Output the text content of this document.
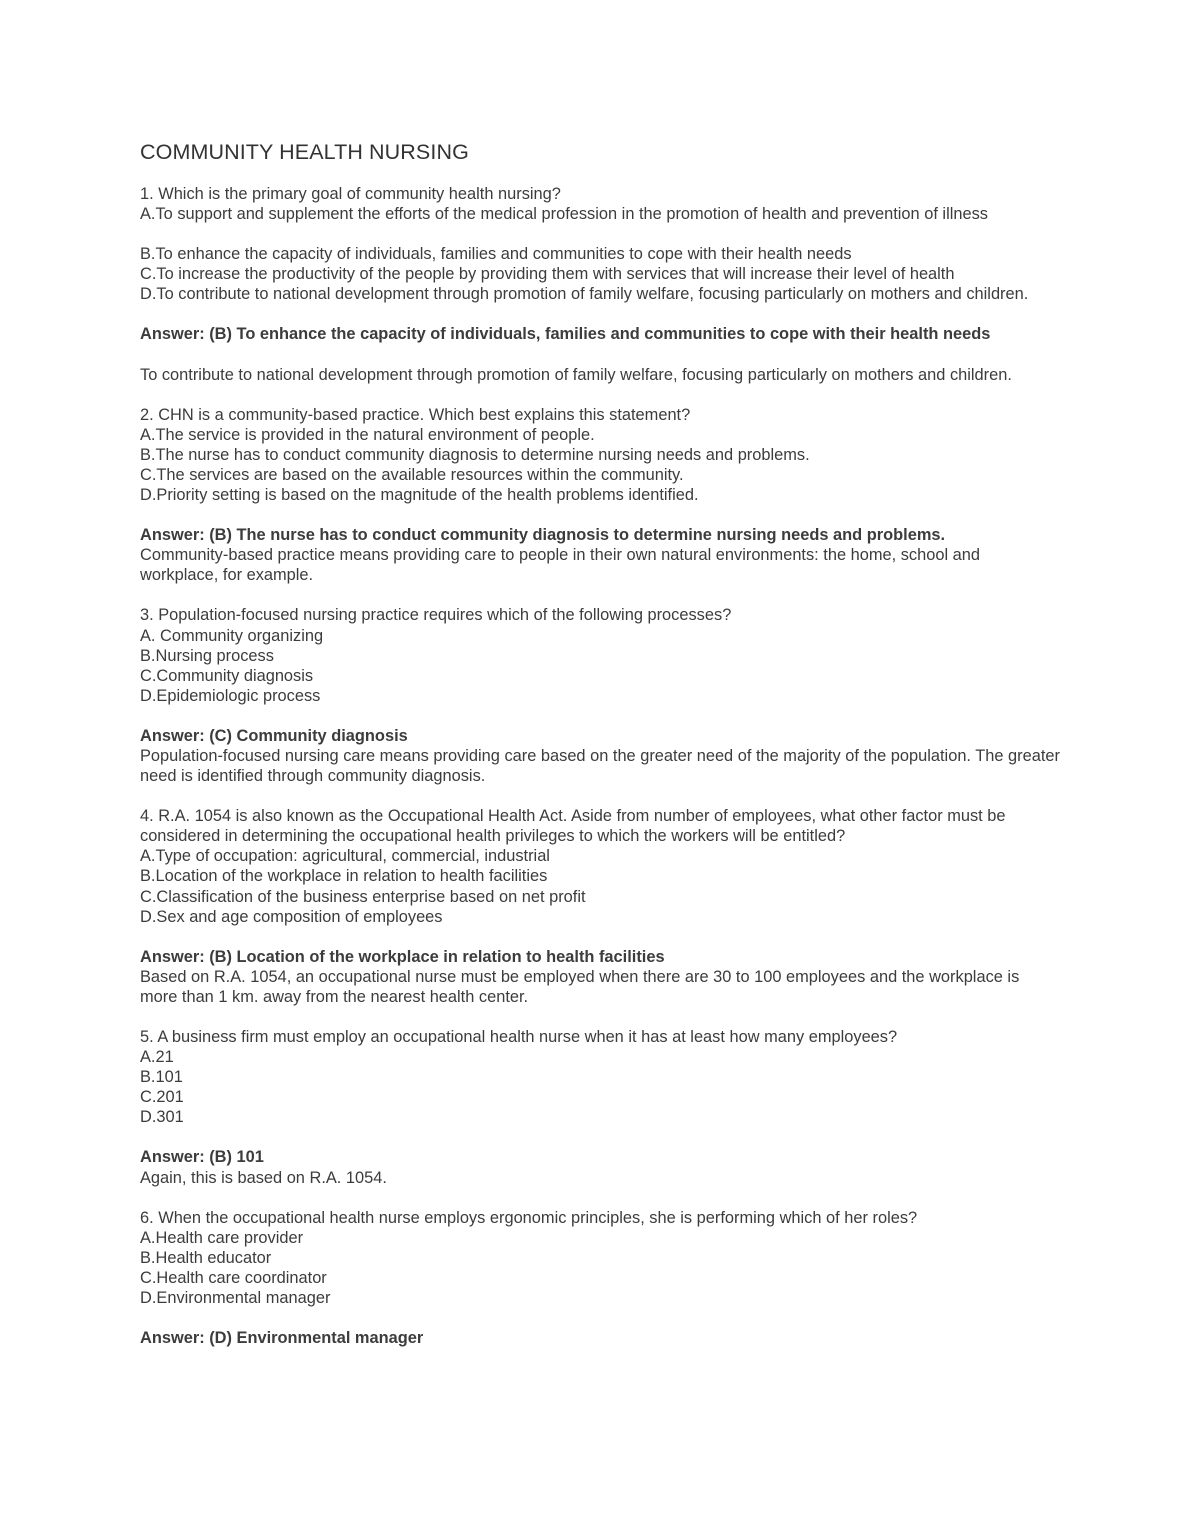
COMMUNITY HEALTH NURSING
1. Which is the primary goal of community health nursing?
A.To support and supplement the efforts of the medical profession in the promotion of health and prevention of illness
B.To enhance the capacity of individuals, families and communities to cope with their health needs
C.To increase the productivity of the people by providing them with services that will increase their level of health
D.To contribute to national development through promotion of family welfare, focusing particularly on mothers and children.
Answer: (B) To enhance the capacity of individuals, families and communities to cope with their health needs
To contribute to national development through promotion of family welfare, focusing particularly on mothers and children.
2. CHN is a community-based practice. Which best explains this statement?
A.The service is provided in the natural environment of people.
B.The nurse has to conduct community diagnosis to determine nursing needs and problems.
C.The services are based on the available resources within the community.
D.Priority setting is based on the magnitude of the health problems identified.
Answer: (B) The nurse has to conduct community diagnosis to determine nursing needs and problems.
Community-based practice means providing care to people in their own natural environments: the home, school and workplace, for example.
3. Population-focused nursing practice requires which of the following processes?
A. Community organizing
B.Nursing process
C.Community diagnosis
D.Epidemiologic process
Answer: (C) Community diagnosis
Population-focused nursing care means providing care based on the greater need of the majority of the population. The greater need is identified through community diagnosis.
4. R.A. 1054 is also known as the Occupational Health Act. Aside from number of employees, what other factor must be considered in determining the occupational health privileges to which the workers will be entitled?
A.Type of occupation: agricultural, commercial, industrial
B.Location of the workplace in relation to health facilities
C.Classification of the business enterprise based on net profit
D.Sex and age composition of employees
Answer: (B) Location of the workplace in relation to health facilities
Based on R.A. 1054, an occupational nurse must be employed when there are 30 to 100 employees and the workplace is more than 1 km. away from the nearest health center.
5. A business firm must employ an occupational health nurse when it has at least how many employees?
A.21
B.101
C.201
D.301
Answer: (B) 101
Again, this is based on R.A. 1054.
6. When the occupational health nurse employs ergonomic principles, she is performing which of her roles?
A.Health care provider
B.Health educator
C.Health care coordinator
D.Environmental manager
Answer: (D) Environmental manager
